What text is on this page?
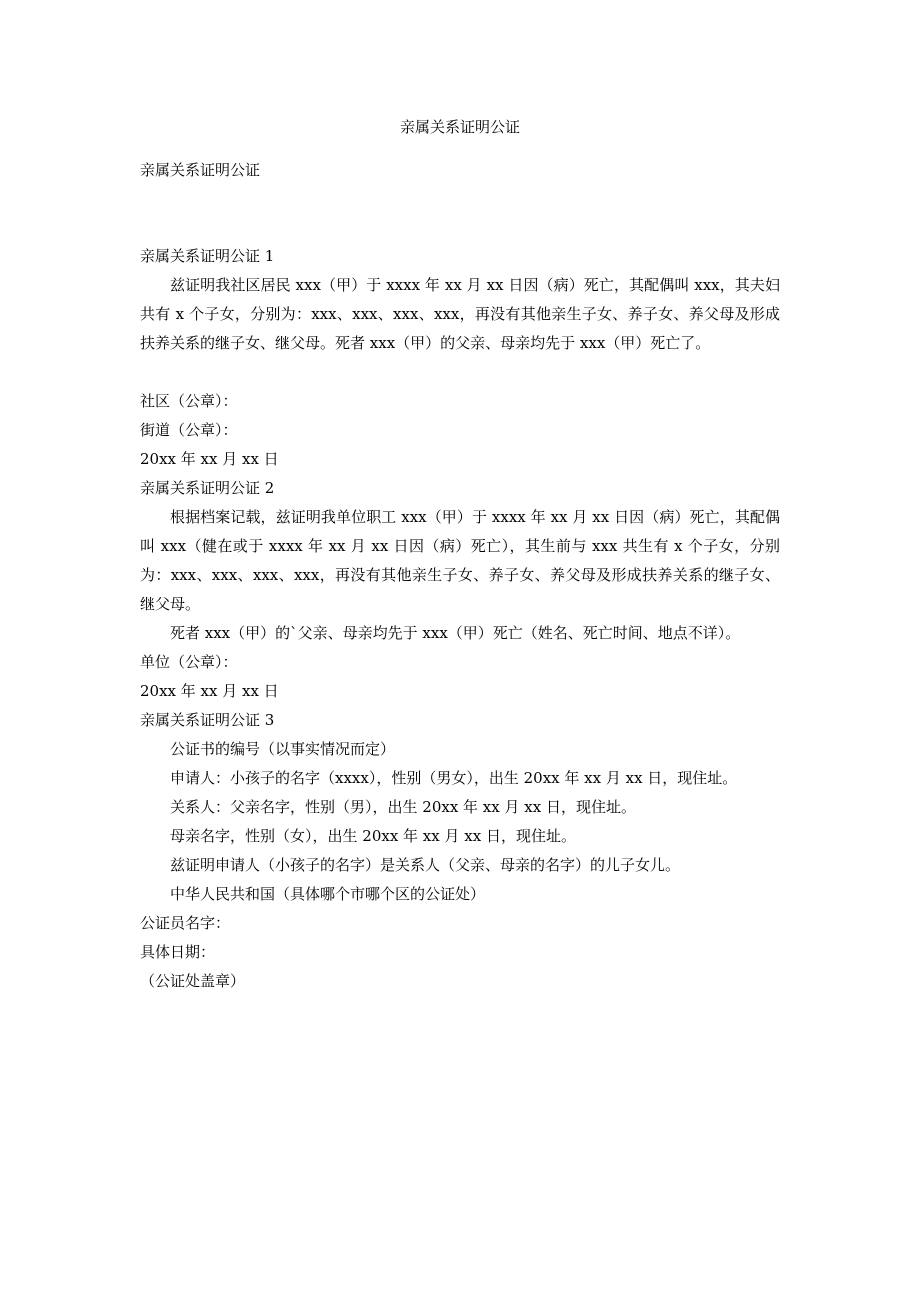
亲属关系证明公证
亲属关系证明公证
亲属关系证明公证 1

兹证明我社区居民 xxx（甲）于 xxxx 年 xx 月 xx 日因（病）死亡，其配偶叫 xxx，其夫妇共有 x 个子女，分别为：xxx、xxx、xxx、xxx，再没有其他亲生子女、养子女、养父母及形成扶养关系的继子女、继父母。死者 xxx（甲）的父亲、母亲均先于 xxx（甲）死亡了。

社区（公章）：
街道（公章）：
20xx 年 xx 月 xx 日
亲属关系证明公证 2

根据档案记载，兹证明我单位职工 xxx（甲）于 xxxx 年 xx 月 xx 日因（病）死亡，其配偶叫 xxx（健在或于 xxxx 年 xx 月 xx 日因（病）死亡），其生前与 xxx 共生有 x 个子女，分别为：xxx、xxx、xxx、xxx，再没有其他亲生子女、养子女、养父母及形成扶养关系的继子女、继父母。

死者 xxx（甲）的`父亲、母亲均先于 xxx（甲）死亡（姓名、死亡时间、地点不详）。

单位（公章）：
20xx 年 xx 月 xx 日
亲属关系证明公证 3

公证书的编号（以事实情况而定）

申请人：小孩子的名字（xxxx），性别（男女），出生 20xx 年 xx 月 xx 日，现住址。

关系人：父亲名字，性别（男），出生 20xx 年 xx 月 xx 日，现住址。

母亲名字，性别（女），出生 20xx 年 xx 月 xx 日，现住址。

兹证明申请人（小孩子的名字）是关系人（父亲、母亲的名字）的儿子女儿。

中华人民共和国（具体哪个市哪个区的公证处）

公证员名字：
具体日期：
（公证处盖章）
